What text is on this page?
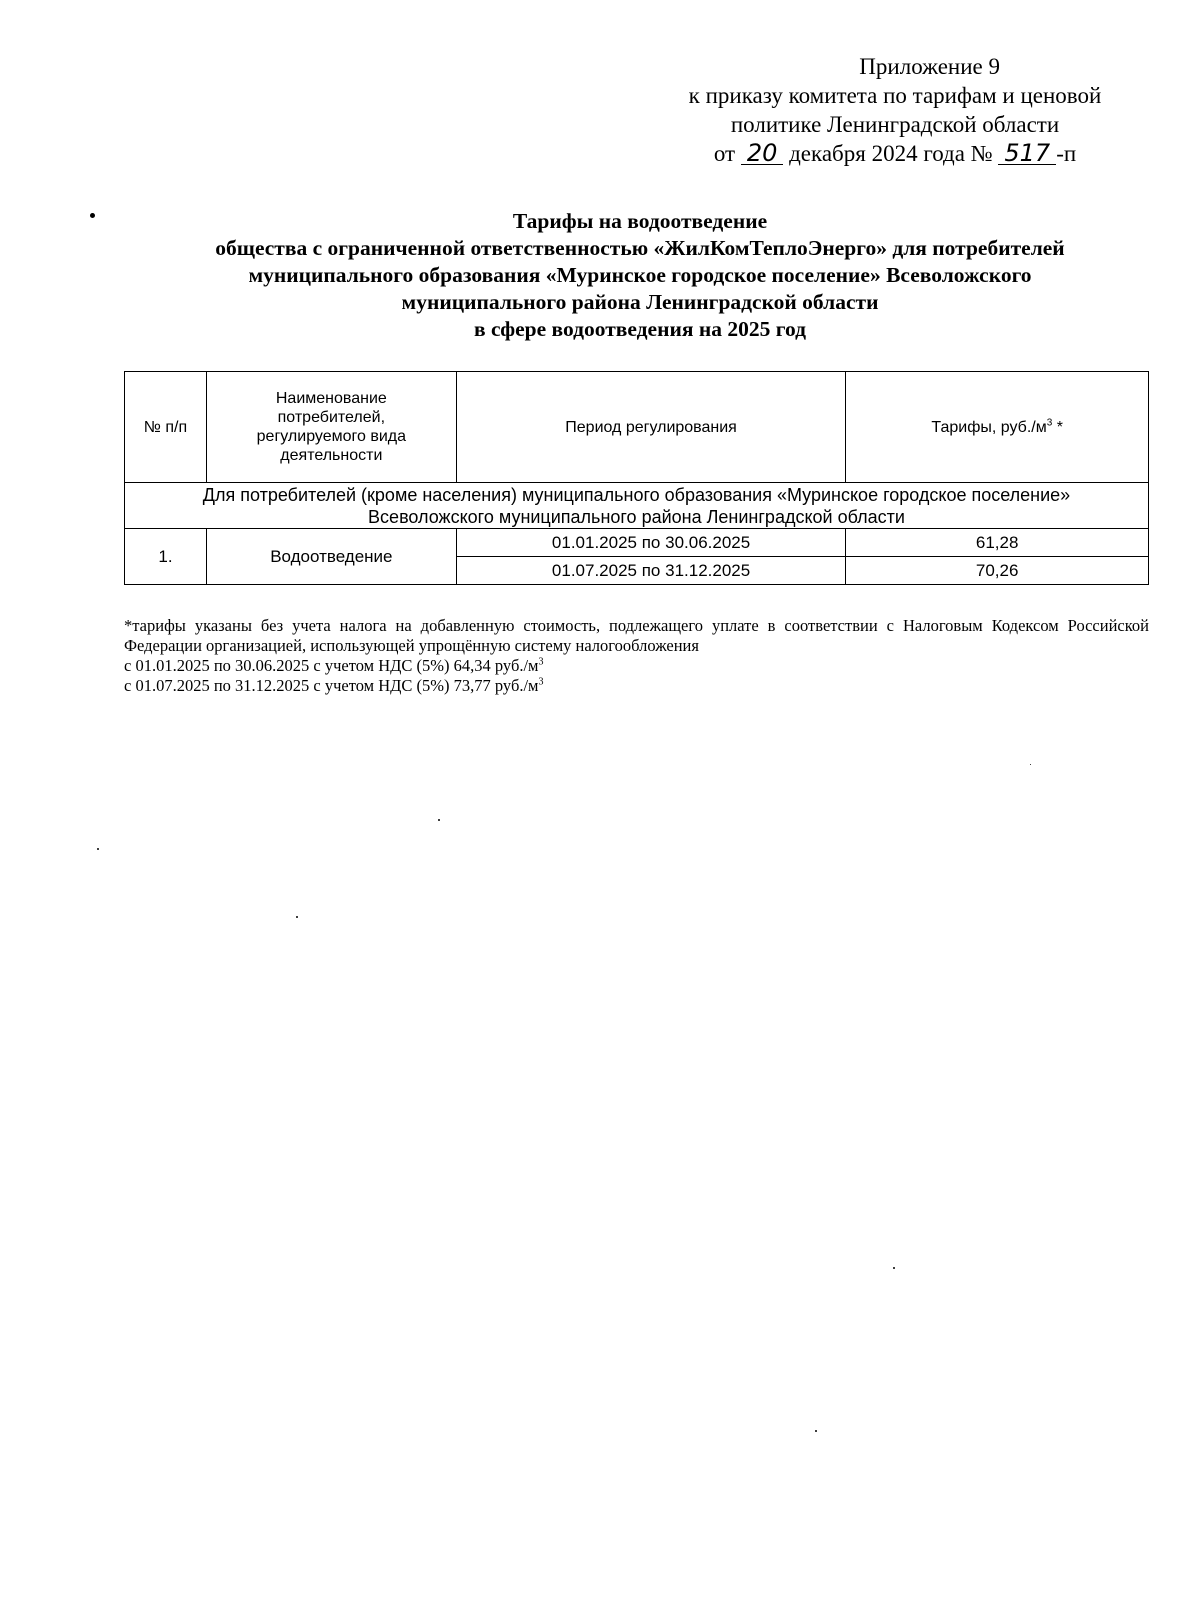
Приложение 9
к приказу комитета по тарифам и ценовой
политике Ленинградской области
от 20 декабря 2024 года № 517 -п
Тарифы на водоотведение
общества с ограниченной ответственностью «ЖилКомТеплоЭнерго» для потребителей
муниципального образования «Муринское городское поселение» Всеволожского
муниципального района Ленинградской области
в сфере водоотведения на 2025 год
№ п/п	Наименование потребителей, регулируемого вида деятельности	Период регулирования	Тарифы, $руб./м^3$ *

Для потребителей (кроме населения) муниципального образования «Муринское городское поселение»
Всеволожского муниципального района Ленинградской области			

1.	Водоотведение	01.01.2025 по 30.06.2025	61,28
		01.07.2025 по 31.12.2025	70,26

*тарифы указаны без учета налога на добавленную стоимость, подлежащего уплате в соответствии с Налоговым Кодексом Российской Федерации организацией, использующей упрощённую систему налогообложения

с 01.01.2025 по 30.06.2025 с учетом НДС (5%) 64,34 $руб./м^3$

с 01.07.2025 по 31.12.2025 с учетом НДС (5%) 73,77 $руб./м^3$
